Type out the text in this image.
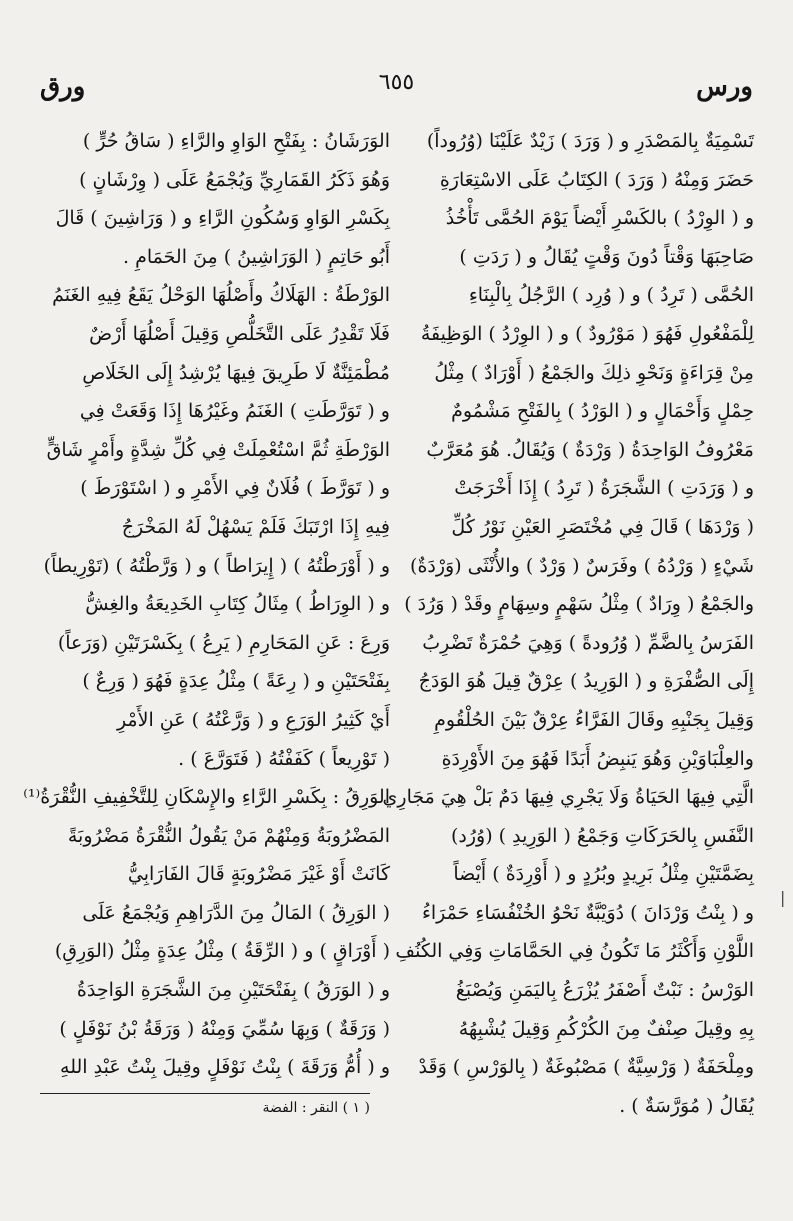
ورس
٦٥٥
ورق
تَسْمِيَةٌ بِالمَصْدَرِ و ( وَرَدَ ) زَيْدٌ عَلَيْنَا (وُرُوداً)
حَضَرَ وَمِنْهُ ( وَرَدَ ) الكِتَابُ عَلَى الاسْتِعَارَةِ
و ( الوِرْدُ ) بالكَسْرِ أَيْضاً يَوْمَ الحُمَّى تَأْخُذُ
صَاحِبَهَا وَقْتاً دُونَ وَقْتٍ يُقَالُ و ( رَدَتِ )
الحُمَّى ( تَرِدُ ) و ( وُرِد ) الرَّجُلُ بِالْبِنَاءِ
لِلْمَفْعُولِ فَهُوَ ( مَوْرُودٌ ) و ( الوِرْدُ ) الوَظِيفَةُ
مِنْ قِرَاءَةٍ وَنَحْوِ ذلِكَ والجَمْعُ ( أَوْرَادٌ ) مِثْلُ
حِمْلٍ وَأَحْمَالٍ و ( الوَرْدُ ) بِالفَتْحِ مَشْمُومٌ
مَعْرُوفُ الوَاحِدَةُ ( وَرْدَةٌ ) وَيُقَالُ. هُوَ مُعَرَّبٌ
و ( وَرَدَتِ ) الشَّجَرَةُ ( تَرِدُ ) إِذَا أَخْرَجَتْ
( وَرْدَهَا ) قَالَ فِي مُخْتَصَرِ العَيْنِ نَوْرُ كُلِّ
شَيْءٍ ( وَرْدُهُ ) وفَرَسٌ ( وَرْدٌ ) والأُنْثَى (وَرْدَةٌ)
والجَمْعُ ( وِرَادٌ ) مِثْلُ سَهْمٍ وسِهَامٍ وقَدْ ( وَرُدَ )
الفَرَسُ بِالضَّمِّ ( وُرُودةً ) وَهِيَ حُمْرَةٌ تَضْرِبُ
إِلَى الصُّفْرَةِ و ( الوَرِيدُ ) عِرْقٌ قِيلَ هُوَ الوَدَجُ
وَقِيلَ بِجَنْبِهِ وقَالَ الفَرَّاءُ عِرْقٌ بَيْنَ الحُلْقُومِ
والعِلْبَاوَيْنِ وَهُوَ يَنبِضُ أَبَدًا فَهُوَ مِنَ الأَوْرِدَةِ
الَّتِي فِيهَا الحَيَاةُ وَلَا يَجْرِي فِيهَا دَمٌ بَلْ هِيَ مَجَارِي
النَّفَسِ بِالحَرَكَاتِ وَجَمْعُ ( الوَرِيدِ ) (وُرُد)
بِضَمَّتَيْنِ مِثْلُ بَرِيدٍ وبُرُدٍ و ( أَوْرِدَةٌ ) أَيْضاً
و ( بِنْتُ وَرْدَانَ ) دُوَيْبَّةٌ نَحْوُ الخُنْفُسَاءِ حَمْرَاءُ
اللَّوْنِ وَأَكْثَرُ مَا تَكُونُ فِي الحَمَّامَاتِ وَفِي الكُنُفِ
الوَرْسُ : نَبْتٌ أَصْفَرُ يُزْرَعُ بِاليَمَنِ وَيُصْبَغُ
بِهِ وقِيلَ صِنْفٌ مِنَ الكُرْكُمِ وَقِيلَ يُشْبِهُهُ
ومِلْحَفَةٌ ( وَرْسِيَّةٌ ) مَصْبُوغَةٌ ( بِالوَرْسِ ) وَقَدْ
يُقَالُ ( مُوَرَّسَةٌ ) .
الوَرَشَانُ : بِفَتْحِ الوَاوِ والرَّاءِ ( سَاقُ حُرٍّ )
وَهُوَ ذَكَرُ القَمَارِيِّ وَيُجْمَعُ عَلَى ( وِرْشَانٍ )
بِكَسْرِ الوَاوِ وَسُكُونِ الرَّاءِ و ( وَرَاشِينَ ) قَالَ
أَبُو حَاتِمٍ ( الوَرَاشِينُ ) مِنَ الحَمَامِ .
الوَرْطَةُ : الهَلَاكُ وأَصْلُهَا الوَحْلُ يَقَعُ فِيهِ الغَنَمُ
فَلَا تَقْدِرُ عَلَى التَّخَلُّصِ وَقِيلَ أَصْلُهَا أَرْضٌ
مُطْمَئِنَّةٌ لَا طَرِيقَ فِيهَا يُرْشِدُ إِلَى الخَلَاصِ
و ( تَوَرَّطَتِ ) الغَنَمُ وغَيْرُهَا إِذَا وَقَعَتْ فِي
الوَرْطَةِ ثُمَّ اسْتُعْمِلَتْ فِي كُلِّ شِدَّةٍ وأَمْرٍ شَاقٍّ
و ( تَوَرَّطَ ) فُلَانٌ فِي الأَمْرِ و ( اسْتَوْرَطَ )
فِيهِ إِذَا ارْتَبَكَ فَلَمْ يَسْهُلْ لَهُ المَخْرَجُ
و ( أَوْرَطْتُهُ ) ( إِيرَاطاً ) و ( وَرَّطْتُهُ ) (تَوْرِيطاً)
و ( الوِرَاطُ ) مِثَالُ كِتَابِ الخَدِيعَةُ والغِشُّ
وَرِعَ : عَنِ المَحَارِمِ ( يَرِعُ ) بِكَسْرَتَيْنِ (وَرَعاً)
بِفَتْحَتَيْنِ و ( رِعَةً ) مِثْلُ عِدَةٍ فَهُوَ ( وَرِعٌ )
أَيْ كَثِيرُ الوَرَعِ و ( وَرَّعْتُهُ ) عَنِ الأَمْرِ
( تَوْرِيعاً ) كَفَفْتُهُ ( فَتَوَرَّعَ ) .
الوَرِقُ : بِكَسْرِ الرَّاءِ والإِسْكَانِ لِلتَّخْفِيفِ النُّقْرَةُ⁽¹⁾
المَضْرُوبَةُ وَمِنْهُمْ مَنْ يَقُولُ النُّقْرَةُ مَضْرُوبَةً
كَانَتْ أَوْ غَيْرَ مَضْرُوبَةٍ قَالَ الفَارَابِيُّ
( الوَرِقُ ) المَالُ مِنَ الدَّرَاهِمِ وَيُجْمَعُ عَلَى
( أَوْرَاقٍ ) و ( الرِّقَةُ ) مِثْلُ عِدَةٍ مِثْلُ (الوَرِقِ)
و ( الوَرَقُ ) بِفَتْحَتَيْنِ مِنَ الشَّجَرَةِ الوَاحِدَةُ
( وَرَقَةٌ ) وَبِهَا سُمِّيَ وَمِنْهُ ( وَرَقَةُ بْنُ نَوْفَلٍ )
و ( أُمُّ وَرَقَةَ ) بِنْتُ نَوْفَلٍ وقِيلَ بِنْتُ عَبْدِ اللهِ
( ١ ) النقر : الفضة
|
